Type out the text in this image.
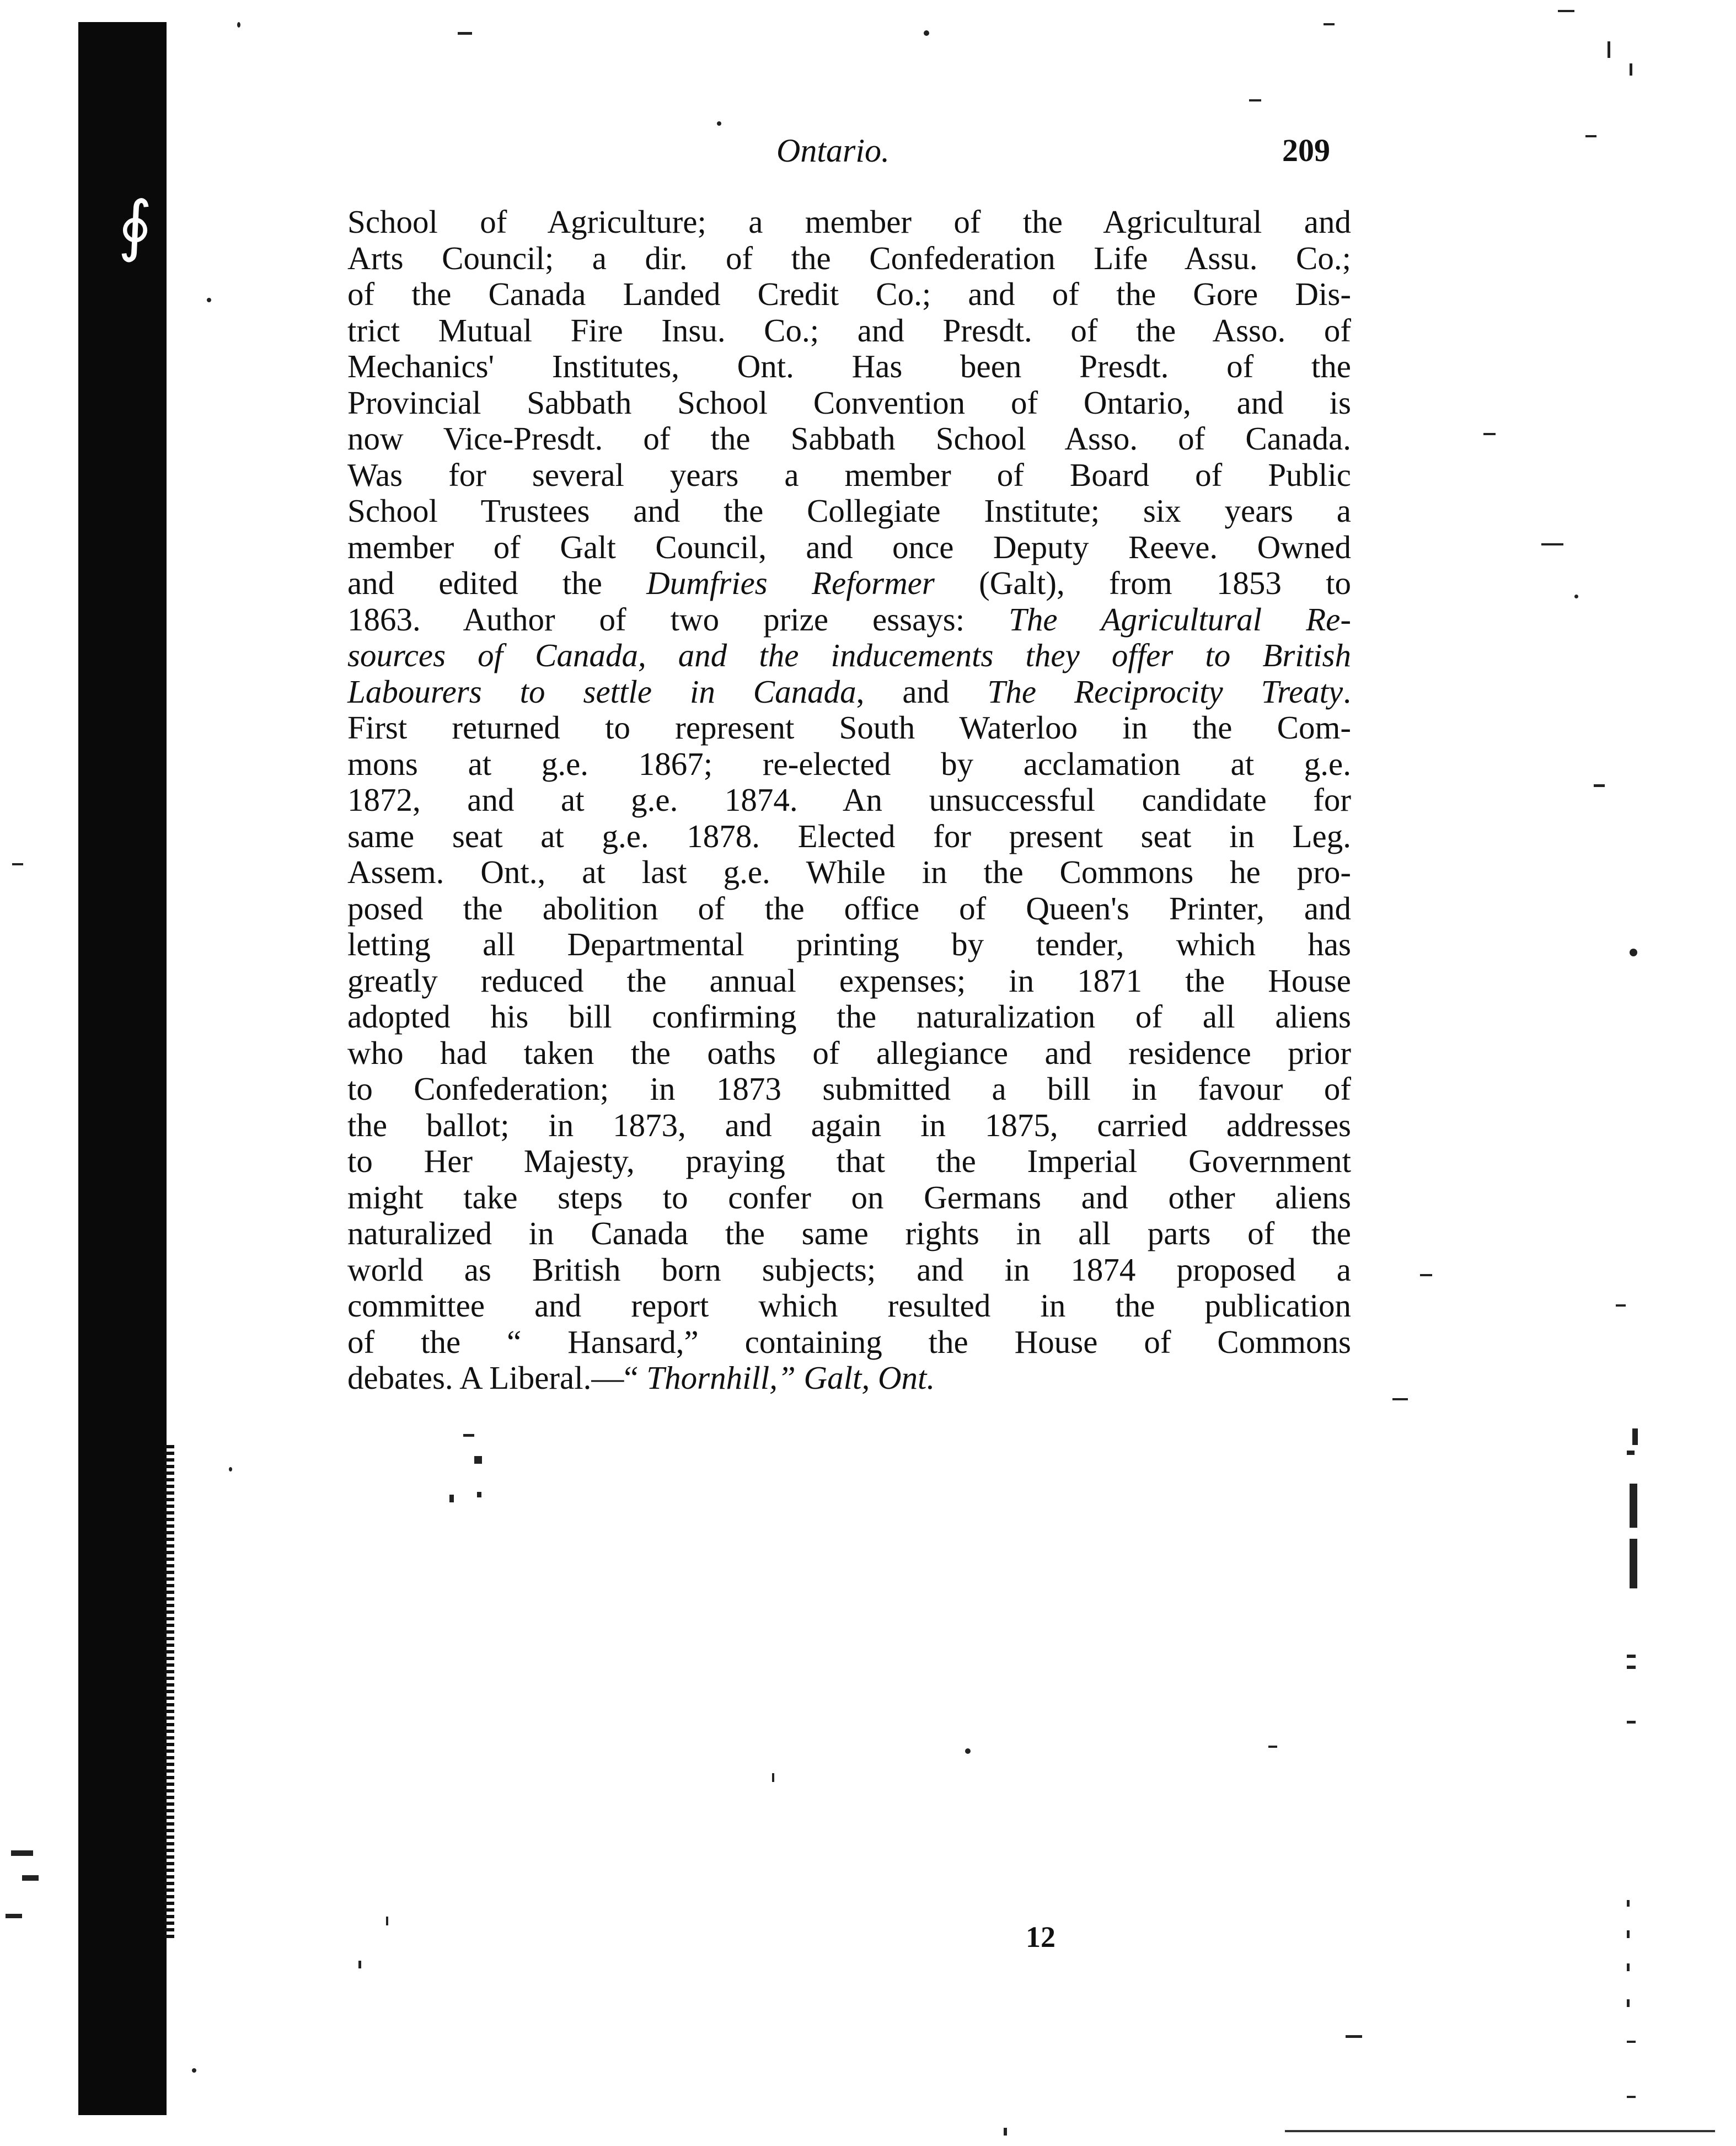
∮
Ontario.	209
School of Agriculture; a member of the Agricultural and
Arts Council; a dir. of the Confederation Life Assu. Co.;
of the Canada Landed Credit Co.; and of the Gore Dis-
trict Mutual Fire Insu. Co.; and Presdt. of the Asso. of
Mechanics' Institutes, Ont. Has been Presdt. of the
Provincial Sabbath School Convention of Ontario, and is
now Vice-Presdt. of the Sabbath School Asso. of Canada.
Was for several years a member of Board of Public
School Trustees and the Collegiate Institute; six years a
member of Galt Council, and once Deputy Reeve. Owned
and edited the Dumfries Reformer (Galt), from 1853 to
1863. Author of two prize essays: The Agricultural Re-
sources of Canada, and the inducements they offer to British
Labourers to settle in Canada, and The Reciprocity Treaty.
First returned to represent South Waterloo in the Com-
mons at g.e. 1867; re-elected by acclamation at g.e.
1872, and at g.e. 1874. An unsuccessful candidate for
same seat at g.e. 1878. Elected for present seat in Leg.
Assem. Ont., at last g.e. While in the Commons he pro-
posed the abolition of the office of Queen's Printer, and
letting all Departmental printing by tender, which has
greatly reduced the annual expenses; in 1871 the House
adopted his bill confirming the naturalization of all aliens
who had taken the oaths of allegiance and residence prior
to Confederation; in 1873 submitted a bill in favour of
the ballot; in 1873, and again in 1875, carried addresses
to Her Majesty, praying that the Imperial Government
might take steps to confer on Germans and other aliens
naturalized in Canada the same rights in all parts of the
world as British born subjects; and in 1874 proposed a
committee and report which resulted in the publication
of the “ Hansard,” containing the House of Commons
debates. A Liberal.—“ Thornhill,” Galt, Ont.
12
